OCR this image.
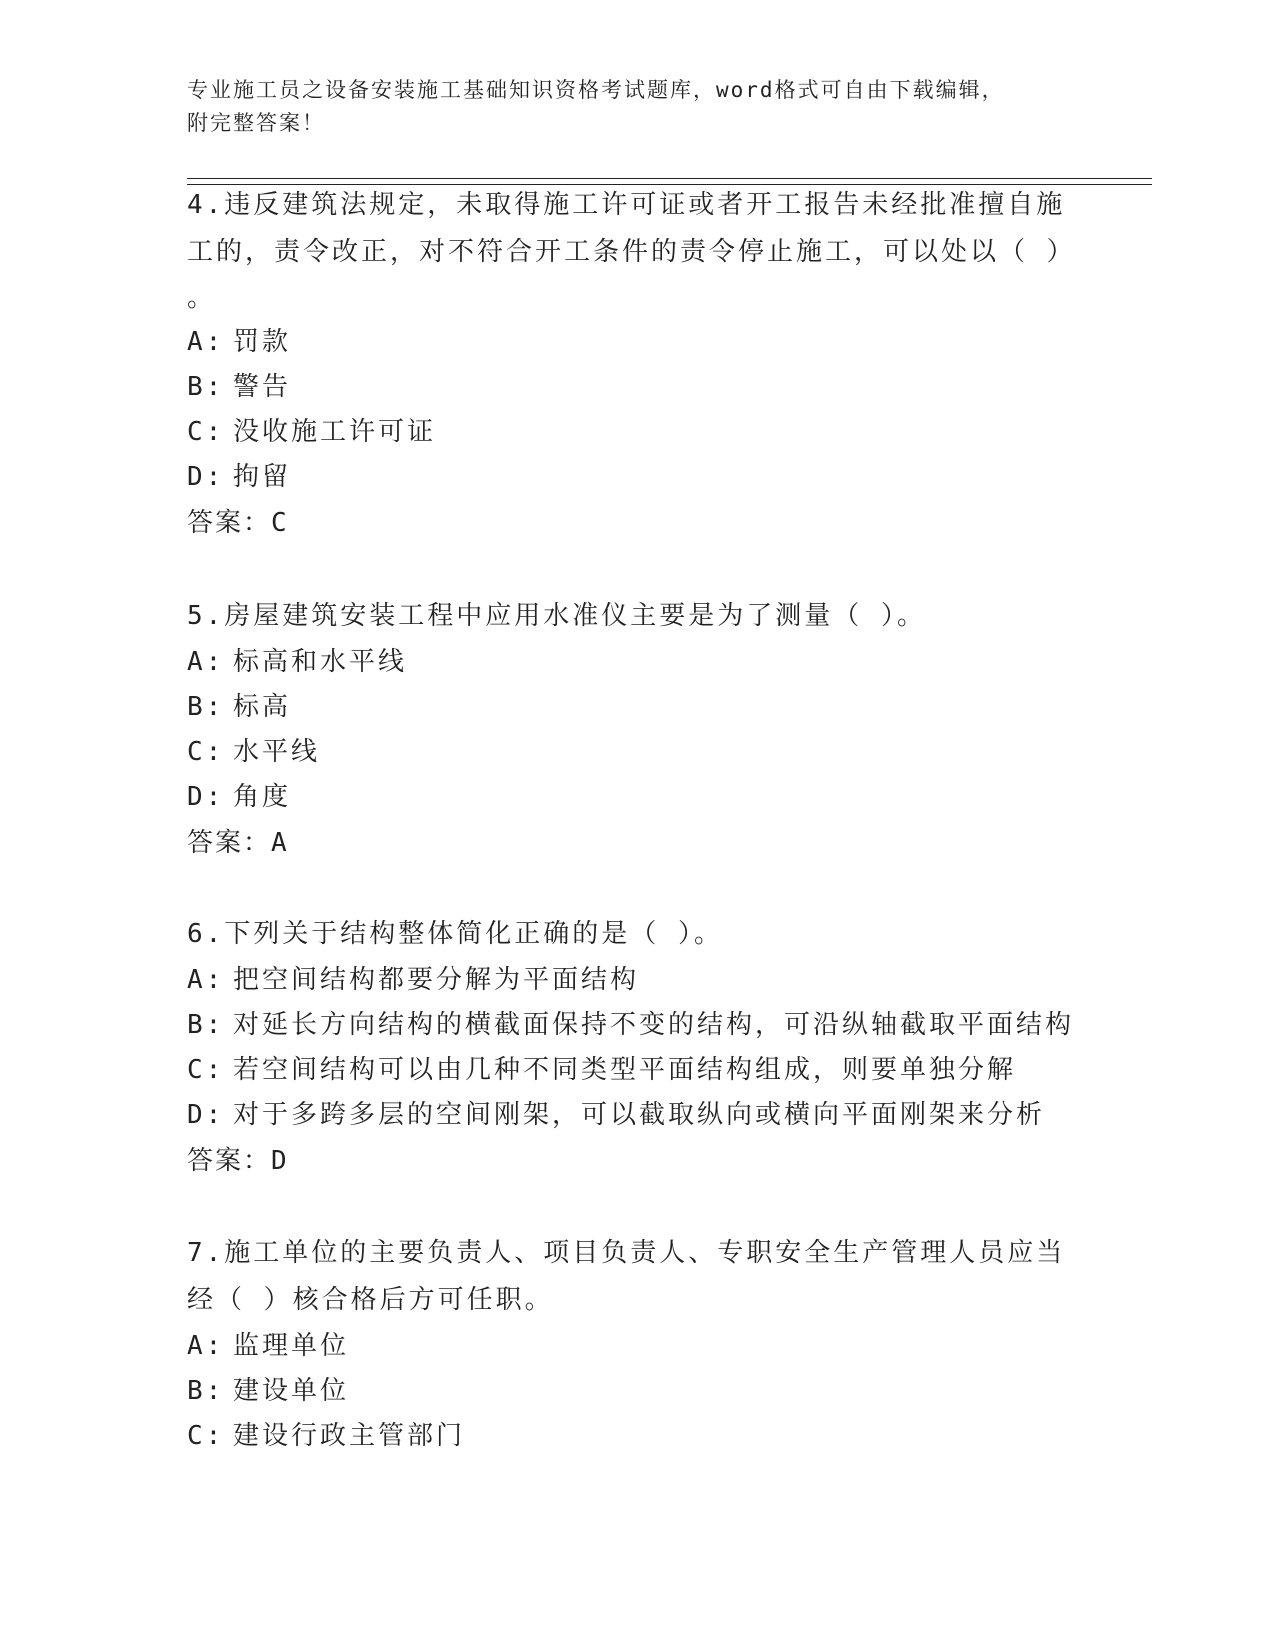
专业施工员之设备安装施工基础知识资格考试题库，word格式可自由下载编辑，
附完整答案！
4.违反建筑法规定，未取得施工许可证或者开工报告未经批准擅自施
工的，责令改正，对不符合开工条件的责令停止施工，可以处以（ ）
。
A: 罚款
B: 警告
C: 没收施工许可证
D: 拘留
答案：C
5.房屋建筑安装工程中应用水准仪主要是为了测量（ ）。
A: 标高和水平线
B: 标高
C: 水平线
D: 角度
答案：A
6.下列关于结构整体简化正确的是（ ）。
A: 把空间结构都要分解为平面结构
B: 对延长方向结构的横截面保持不变的结构，可沿纵轴截取平面结构
C: 若空间结构可以由几种不同类型平面结构组成，则要单独分解
D: 对于多跨多层的空间刚架，可以截取纵向或横向平面刚架来分析
答案：D
7.施工单位的主要负责人、项目负责人、专职安全生产管理人员应当
经（ ）核合格后方可任职。
A: 监理单位
B: 建设单位
C: 建设行政主管部门
